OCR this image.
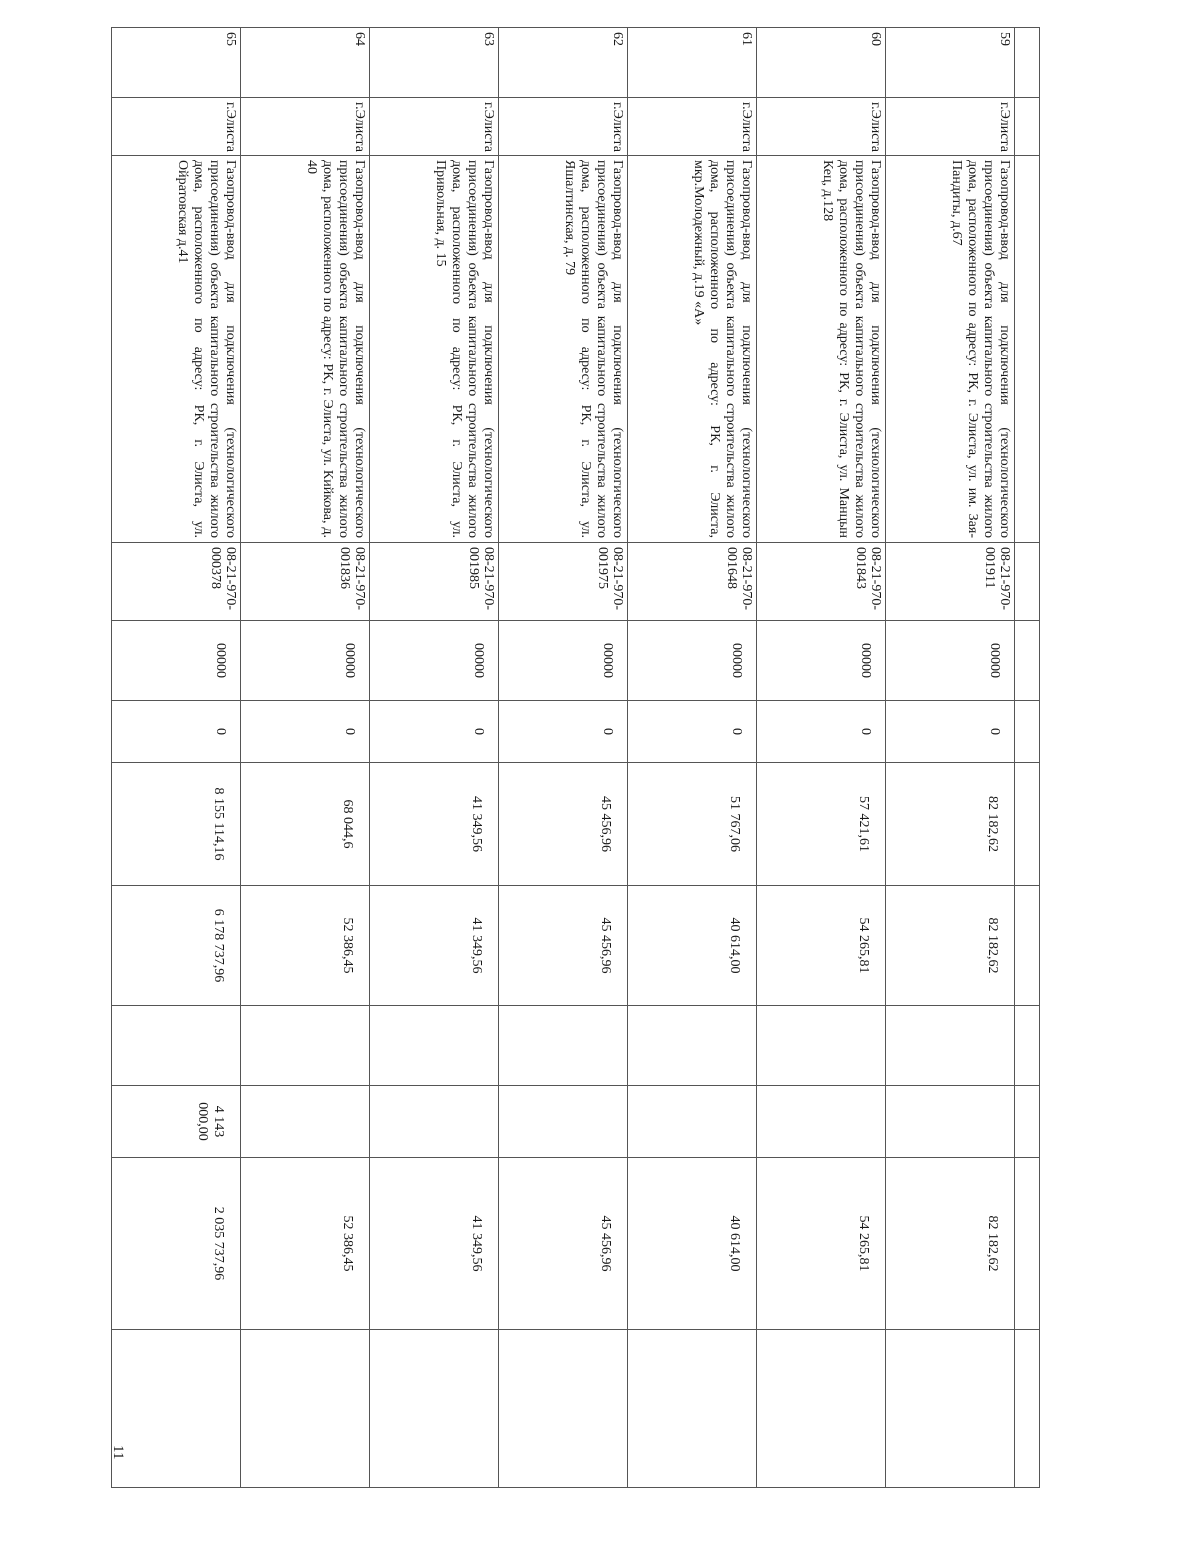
59	г.Элиста	Газопровод-ввод для подключения (технологического присоединения) объекта капитального строительства жилого дома, расположенного по адресу: РК, г. Элиста, ул. им. Зая-Пандиты, д.67	08-21-970-001911	00000	0	82 182,62	82 182,62			82 182,62	
60	г.Элиста	Газопровод-ввод для подключения (технологического присоединения) объекта капитального строительства жилого дома, расположенного по адресу: РК, г. Элиста, ул. Манцын Кец, д.128	08-21-970-001843	00000	0	57 421,61	54 265,81			54 265,81	
61	г.Элиста	Газопровод-ввод для подключения (технологического присоединения) объекта капитального строительства жилого дома, расположенного по адресу: РК, г. Элиста, мкр.Молодежный, д.19 «А»	08-21-970-001648	00000	0	51 767,06	40 614,00			40 614,00	
62	г.Элиста	Газопровод-ввод для подключения (технологического присоединения) объекта капитального строительства жилого дома, расположенного по адресу: РК, г. Элиста, ул. Яшалтинская, д. 79	08-21-970-001975	00000	0	45 456,96	45 456,96			45 456,96	
63	г.Элиста	Газопровод-ввод для подключения (технологического присоединения) объекта капитального строительства жилого дома, расположенного по адресу: РК, г. Элиста, ул. Привольная, д. 15	08-21-970-001985	00000	0	41 349,56	41 349,56			41 349,56	
64	г.Элиста	Газопровод-ввод для подключения (технологического присоединения) объекта капитального строительства жилого дома, расположенного по адресу: РК, г. Элиста, ул. Кийкова, д. 40	08-21-970-001836	00000	0	68 044,6	52 386,45			52 386,45	
65	г.Элиста	Газопровод-ввод для подключения (технологического присоединения) объекта капитального строительства жилого дома, расположенного по адресу: РК, г. Элиста, ул. Ойратовская д.41	08-21-970-000378	00000	0	8 155 114,16	6 178 737,96		4 143 000,00	2 035 737,96	
11
